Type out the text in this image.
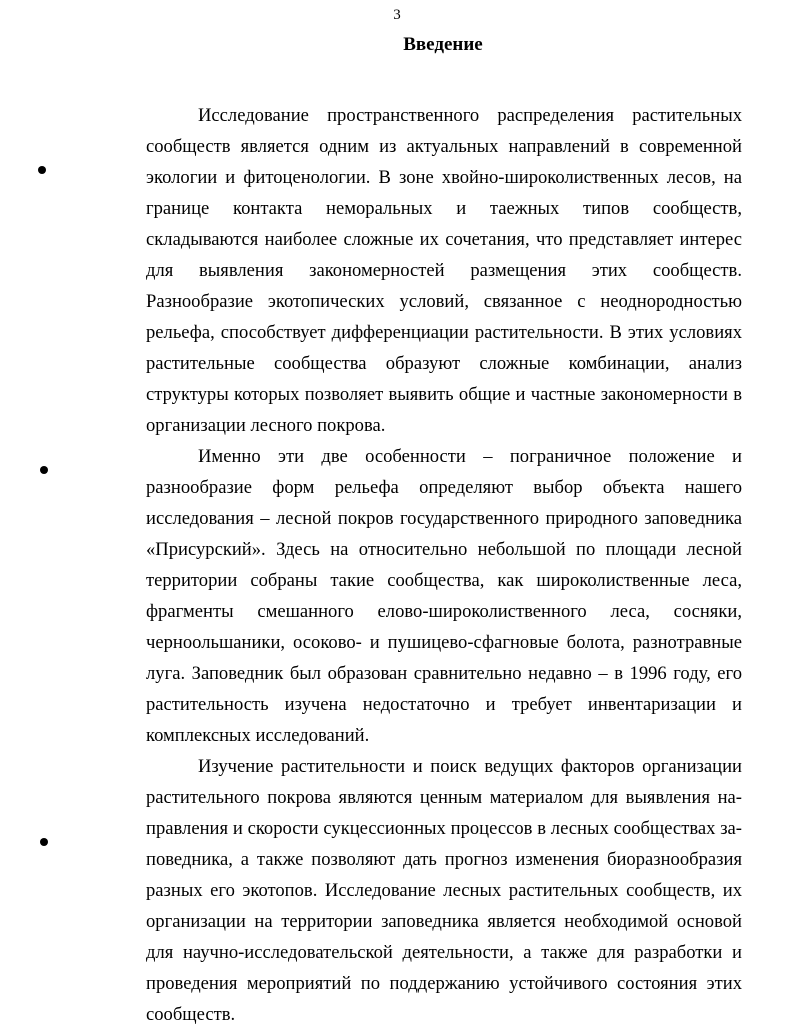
3
Введение

Исследование пространственного распределения растительных сообществ является одним из актуальных направлений в современной экологии и фитоценологии. В зоне хвойно-широколиственных лесов, на границе контакта неморальных и таежных типов сообществ, складываются наиболее сложные их сочетания, что представляет интерес для выявления закономерностей размещения этих сообществ. Разнообразие экотопических условий, связанное с неоднородностью рельефа, способствует дифференциации растительности. В этих условиях растительные сообщества образуют сложные комбинации, анализ структуры которых позволяет выявить общие и частные закономерности в организации лесного покрова.

Именно эти две особенности – пограничное положение и разнообразие форм рельефа определяют выбор объекта нашего исследования – лесной покров государственного природного заповедника «Присурский». Здесь на относительно небольшой по площади лесной территории собраны такие сообщества, как широколиственные леса, фрагменты смешанного елово-широколиственного леса, сосняки, черноольшаники, осоково- и пушицево-сфагновые болота, разнотравные луга. Заповедник был образован сравнительно недавно – в 1996 году, его растительность изучена недостаточно и требует инвентаризации и комплексных исследований.

Изучение растительности и поиск ведущих факторов организации растительного покрова являются ценным материалом для выявления направления и скорости сукцессионных процессов в лесных сообществах заповедника, а также позволяют дать прогноз изменения биоразнообразия разных его экотопов. Исследование лесных растительных сообществ, их организации на территории заповедника является необходимой основой для научно-исследовательской деятельности, а также для разработки и проведения мероприятий по поддержанию устойчивого состояния этих сообществ.
